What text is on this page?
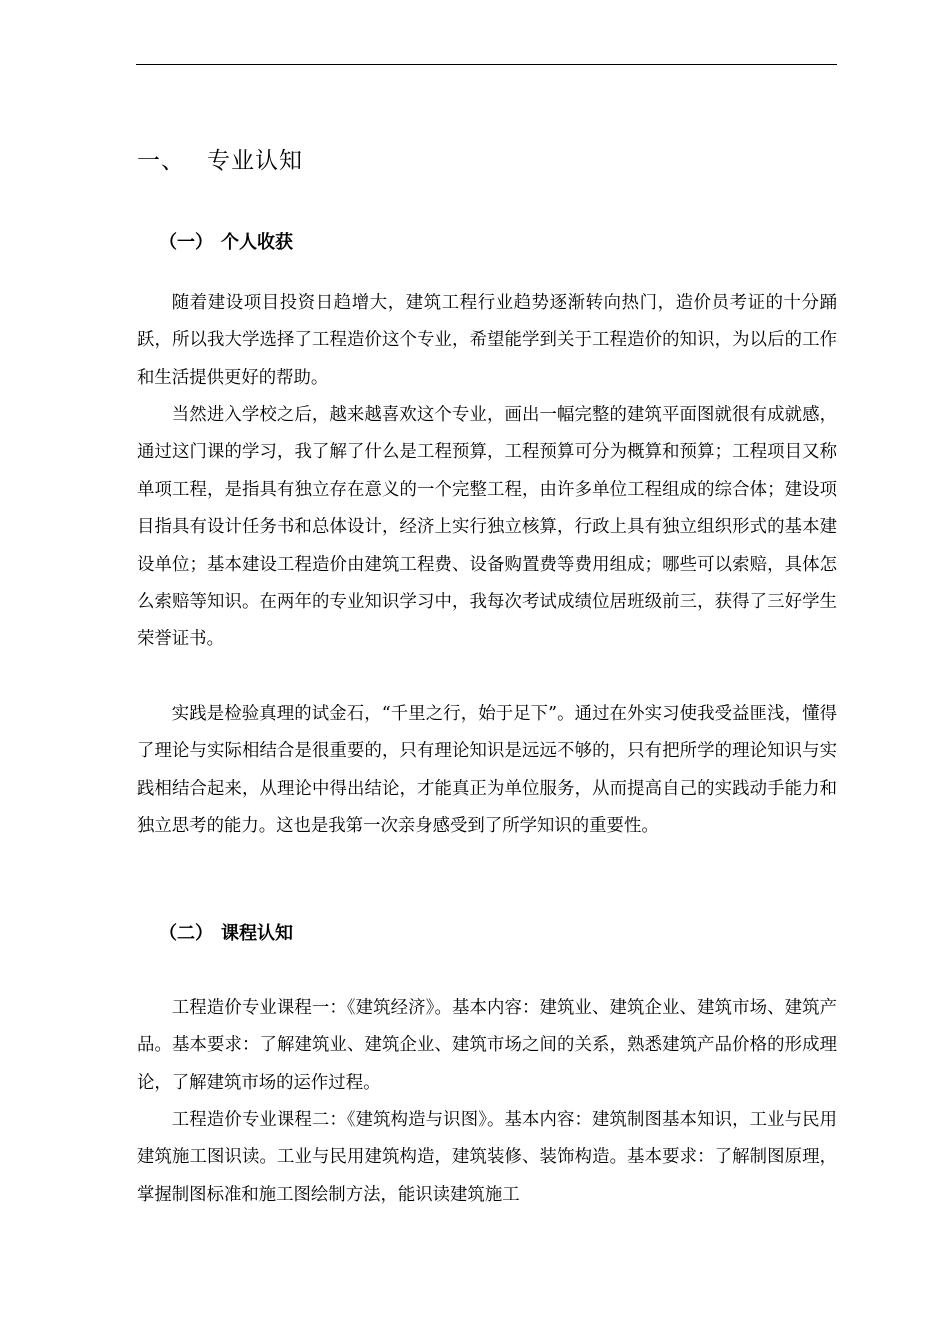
一、 专业认知
（一） 个人收获

随着建设项目投资日趋增大，建筑工程行业趋势逐渐转向热门，造价员考证的十分踊跃，所以我大学选择了工程造价这个专业，希望能学到关于工程造价的知识，为以后的工作和生活提供更好的帮助。

当然进入学校之后，越来越喜欢这个专业，画出一幅完整的建筑平面图就很有成就感，通过这门课的学习，我了解了什么是工程预算，工程预算可分为概算和预算；工程项目又称单项工程，是指具有独立存在意义的一个完整工程，由许多单位工程组成的综合体；建设项目指具有设计任务书和总体设计，经济上实行独立核算，行政上具有独立组织形式的基本建设单位；基本建设工程造价由建筑工程费、设备购置费等费用组成；哪些可以索赔，具体怎么索赔等知识。在两年的专业知识学习中，我每次考试成绩位居班级前三，获得了三好学生荣誉证书。

实践是检验真理的试金石，“千里之行，始于足下”。通过在外实习使我受益匪浅，懂得了理论与实际相结合是很重要的，只有理论知识是远远不够的，只有把所学的理论知识与实践相结合起来，从理论中得出结论，才能真正为单位服务，从而提高自己的实践动手能力和独立思考的能力。这也是我第一次亲身感受到了所学知识的重要性。

（二） 课程认知

工程造价专业课程一：《建筑经济》。基本内容：建筑业、建筑企业、建筑市场、建筑产品。基本要求：了解建筑业、建筑企业、建筑市场之间的关系，熟悉建筑产品价格的形成理论，了解建筑市场的运作过程。

工程造价专业课程二：《建筑构造与识图》。基本内容：建筑制图基本知识，工业与民用建筑施工图识读。工业与民用建筑构造，建筑装修、装饰构造。基本要求：了解制图原理，掌握制图标准和施工图绘制方法，能识读建筑施工
